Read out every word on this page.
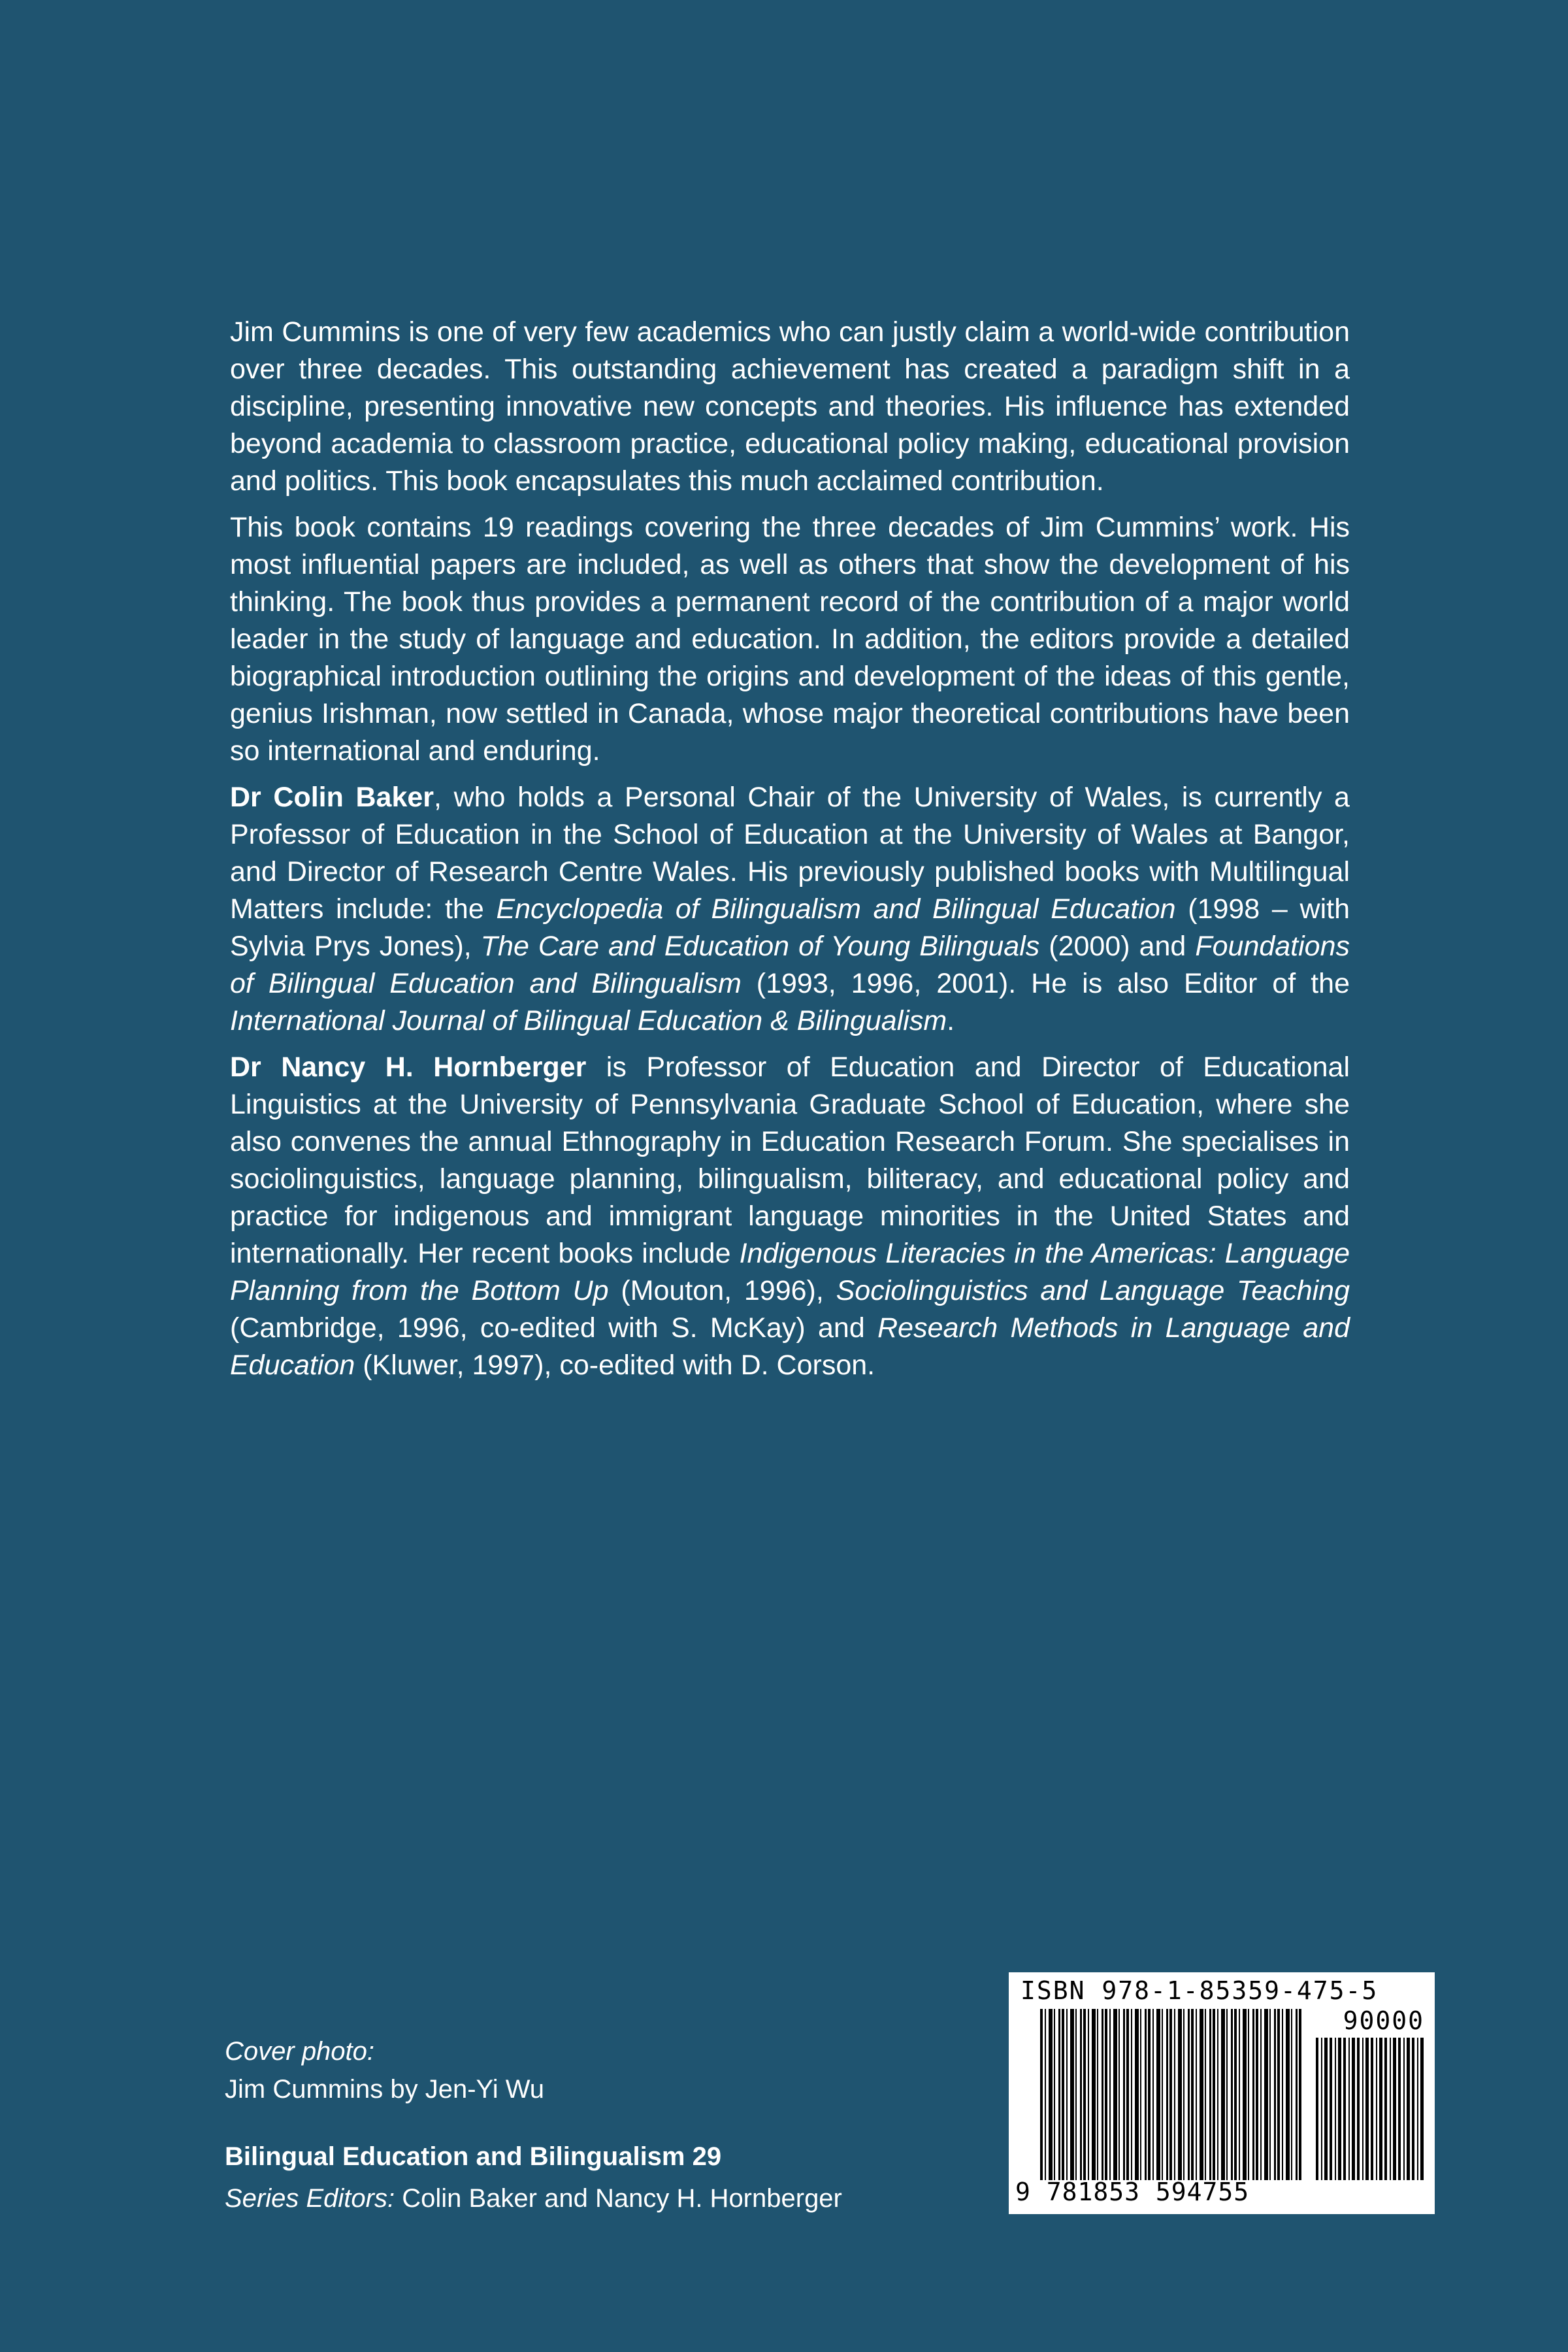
Jim Cummins is one of very few academics who can justly claim a world-wide contribution over three decades. This outstanding achievement has created a paradigm shift in a discipline, presenting innovative new concepts and theories. His influence has extended beyond academia to classroom practice, educational policy making, educational provision and politics. This book encapsulates this much acclaimed contribution.

This book contains 19 readings covering the three decades of Jim Cummins’ work. His most influential papers are included, as well as others that show the development of his thinking. The book thus provides a permanent record of the contribution of a major world leader in the study of language and education. In addition, the editors provide a detailed biographical introduction outlining the origins and development of the ideas of this gentle, genius Irishman, now settled in Canada, whose major theoretical contributions have been so international and enduring.

Dr Colin Baker, who holds a Personal Chair of the University of Wales, is currently a Professor of Education in the School of Education at the University of Wales at Bangor, and Director of Research Centre Wales. His previously published books with Multilingual Matters include: the Encyclopedia of Bilingualism and Bilingual Education (1998 – with Sylvia Prys Jones), The Care and Education of Young Bilinguals (2000) and Foundations of Bilingual Education and Bilingualism (1993, 1996, 2001). He is also Editor of the International Journal of Bilingual Education & Bilingualism.

Dr Nancy H. Hornberger is Professor of Education and Director of Educational Linguistics at the University of Pennsylvania Graduate School of Education, where she also convenes the annual Ethnography in Education Research Forum. She specialises in sociolinguistics, language planning, bilingualism, biliteracy, and educational policy and practice for indigenous and immigrant language minorities in the United States and internationally. Her recent books include Indigenous Literacies in the Americas: Language Planning from the Bottom Up (Mouton, 1996), Sociolinguistics and Language Teaching (Cambridge, 1996, co-edited with S. McKay) and Research Methods in Language and Education (Kluwer, 1997), co-edited with D. Corson.

Cover photo:
Jim Cummins by Jen-Yi Wu
Bilingual Education and Bilingualism 29
Series Editors: Colin Baker and Nancy H. Hornberger
ISBN 978-1-85359-475-5
90000
9 781853 594755
